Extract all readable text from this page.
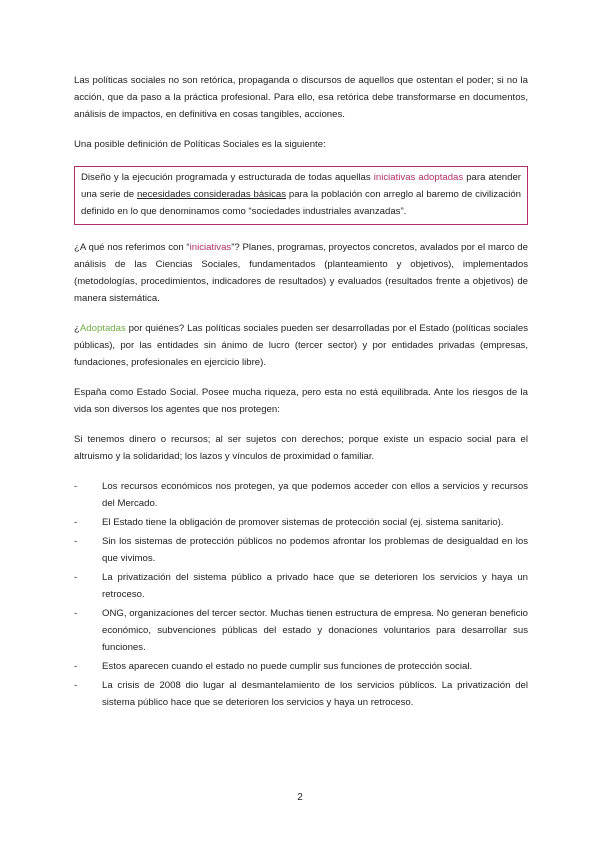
Las políticas sociales no son retórica, propaganda o discursos de aquellos que ostentan el poder; si no la acción, que da paso a la práctica profesional. Para ello, esa retórica debe transformarse en documentos, análisis de impactos, en definitiva en cosas tangibles, acciones.

Una posible definición de Políticas Sociales es la siguiente:

Diseño y la ejecución programada y estructurada de todas aquellas iniciativas adoptadas para atender una serie de necesidades consideradas básicas para la población con arreglo al baremo de civilización definido en lo que denominamos como “sociedades industriales avanzadas”.

¿A qué nos referimos con “iniciativas”? Planes, programas, proyectos concretos, avalados por el marco de análisis de las Ciencias Sociales, fundamentados (planteamiento y objetivos), implementados (metodologías, procedimientos, indicadores de resultados) y evaluados (resultados frente a objetivos) de manera sistemática.

¿Adoptadas por quiénes? Las políticas sociales pueden ser desarrolladas por el Estado (políticas sociales públicas), por las entidades sin ánimo de lucro (tercer sector) y por entidades privadas (empresas, fundaciones, profesionales en ejercicio libre).

España como Estado Social. Posee mucha riqueza, pero esta no está equilibrada. Ante los riesgos de la vida son diversos los agentes que nos protegen:

Si tenemos dinero o recursos; al ser sujetos con derechos; porque existe un espacio social para el altruismo y la solidaridad; los lazos y vínculos de proximidad o familiar.

-	Los recursos económicos nos protegen, ya que podemos acceder con ellos a servicios y recursos del Mercado.
-	El Estado tiene la obligación de promover sistemas de protección social (ej. sistema sanitario).
-	Sin los sistemas de protección públicos no podemos afrontar los problemas de desigualdad en los que vivimos.
-	La privatización del sistema público a privado hace que se deterioren los servicios y haya un retroceso.
-	ONG, organizaciones del tercer sector. Muchas tienen estructura de empresa. No generan beneficio económico, subvenciones públicas del estado y donaciones voluntarios para desarrollar sus funciones.
-	Estos aparecen cuando el estado no puede cumplir sus funciones de protección social.
-	La crisis de 2008 dio lugar al desmantelamiento de los servicios públicos. La privatización del sistema público hace que se deterioren los servicios y haya un retroceso.
2
